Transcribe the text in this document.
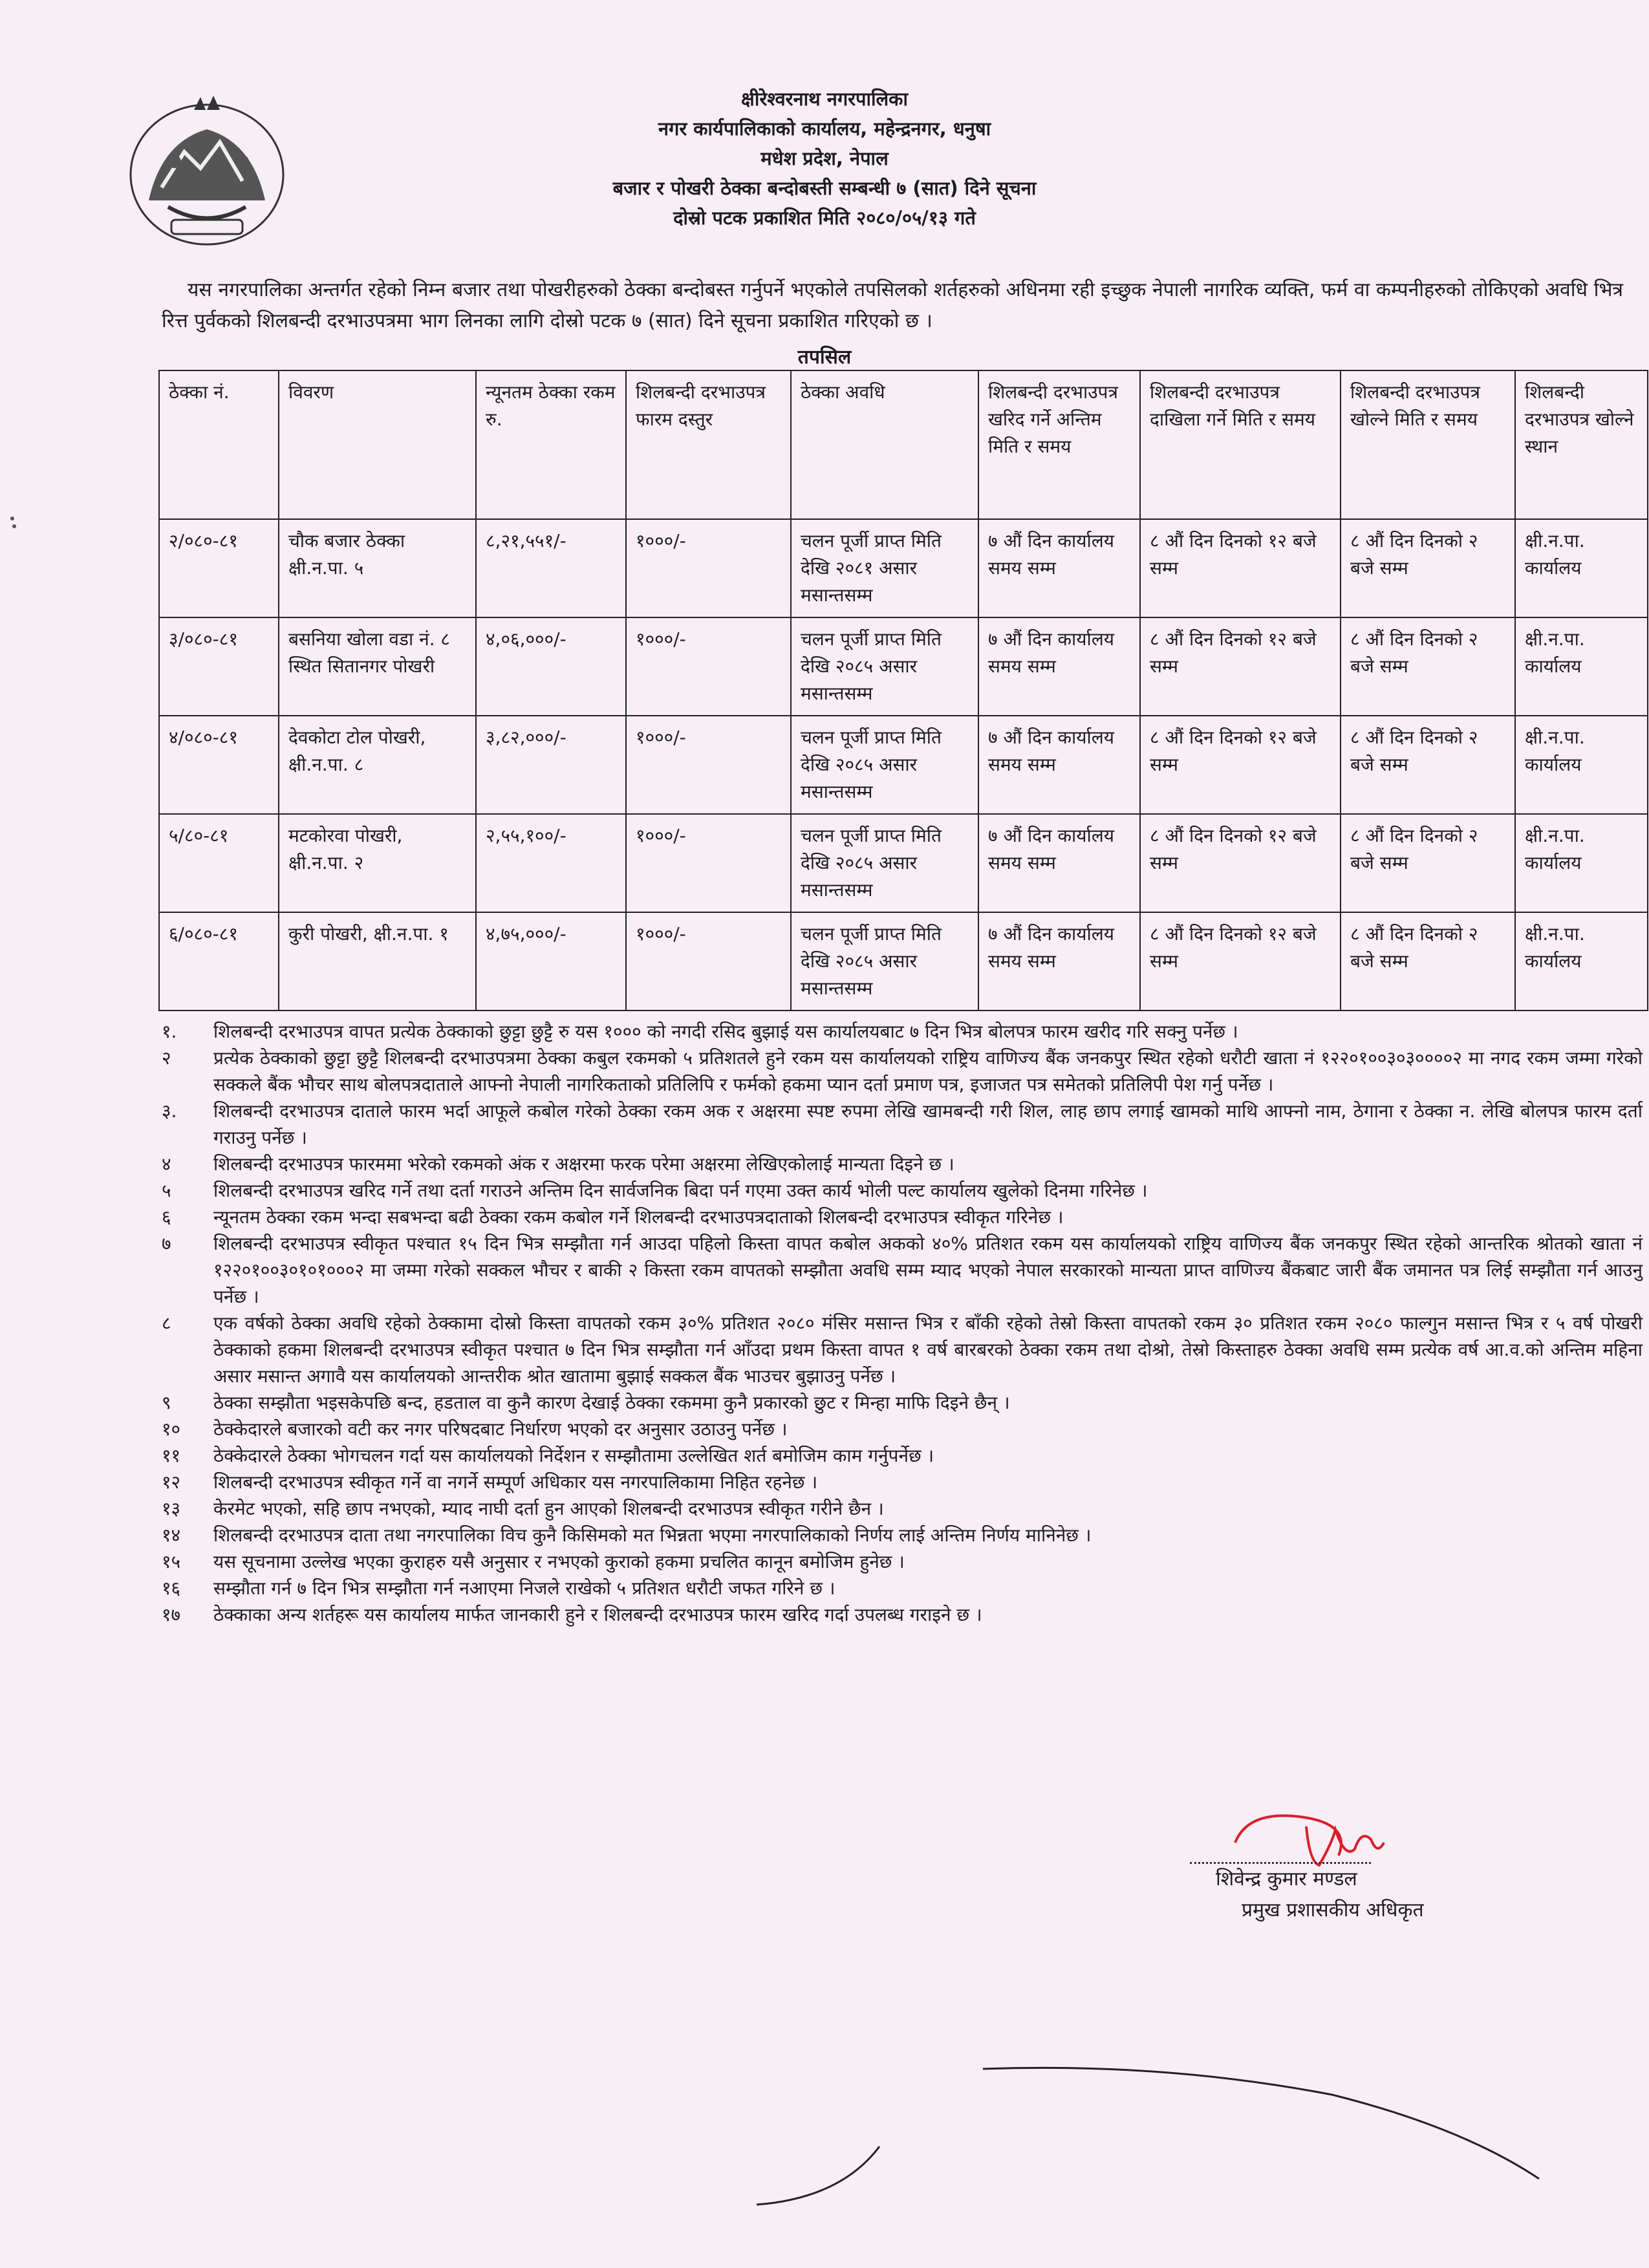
क्षीरेश्वरनाथ नगरपालिका
नगर कार्यपालिकाको कार्यालय, महेन्द्रनगर, धनुषा
मधेश प्रदेश, नेपाल
बजार र पोखरी ठेक्का बन्दोबस्ती सम्बन्धी ७ (सात) दिने सूचना
दोस्रो पटक प्रकाशित मिति २०८०/०५/१३ गते

यस नगरपालिका अन्तर्गत रहेको निम्न बजार तथा पोखरीहरुको ठेक्का बन्दोबस्त गर्नुपर्ने भएकोले तपसिलको शर्तहरुको अधिनमा रही इच्छुक नेपाली नागरिक व्यक्ति, फर्म वा कम्पनीहरुको तोकिएको अवधि भित्र रित्त पुर्वकको शिलबन्दी दरभाउपत्रमा भाग लिनका लागि दोस्रो पटक ७ (सात) दिने सूचना प्रकाशित गरिएको छ ।

तपसिल
ठेक्का नं.	विवरण	न्यूनतम ठेक्का रकम रु.	शिलबन्दी दरभाउपत्र फारम दस्तुर	ठेक्का अवधि	शिलबन्दी दरभाउपत्र खरिद गर्ने अन्तिम मिति र समय	शिलबन्दी दरभाउपत्र दाखिला गर्ने मिति र समय	शिलबन्दी दरभाउपत्र खोल्ने मिति र समय	शिलबन्दी दरभाउपत्र खोल्ने स्थान
२/०८०-८१	चौक बजार ठेक्का क्षी.न.पा. ५	८,२१,५५१/-	१०००/-	चलन पूर्जी प्राप्त मिति देखि २०८१ असार मसान्तसम्म	७ औं दिन कार्यालय समय सम्म	८ औं दिन दिनको १२ बजे सम्म	८ औं दिन दिनको २ बजे सम्म	क्षी.न.पा. कार्यालय
३/०८०-८१	बसनिया खोला वडा नं. ८ स्थित सितानगर पोखरी	४,०६,०००/-	१०००/-	चलन पूर्जी प्राप्त मिति देखि २०८५ असार मसान्तसम्म	७ औं दिन कार्यालय समय सम्म	८ औं दिन दिनको १२ बजे सम्म	८ औं दिन दिनको २ बजे सम्म	क्षी.न.पा. कार्यालय
४/०८०-८१	देवकोटा टोल पोखरी, क्षी.न.पा. ८	३,८२,०००/-	१०००/-	चलन पूर्जी प्राप्त मिति देखि २०८५ असार मसान्तसम्म	७ औं दिन कार्यालय समय सम्म	८ औं दिन दिनको १२ बजे सम्म	८ औं दिन दिनको २ बजे सम्म	क्षी.न.पा. कार्यालय
५/८०-८१	मटकोरवा पोखरी, क्षी.न.पा. २	२,५५,१००/-	१०००/-	चलन पूर्जी प्राप्त मिति देखि २०८५ असार मसान्तसम्म	७ औं दिन कार्यालय समय सम्म	८ औं दिन दिनको १२ बजे सम्म	८ औं दिन दिनको २ बजे सम्म	क्षी.न.पा. कार्यालय
६/०८०-८१	कुरी पोखरी, क्षी.न.पा. १	४,७५,०००/-	१०००/-	चलन पूर्जी प्राप्त मिति देखि २०८५ असार मसान्तसम्म	७ औं दिन कार्यालय समय सम्म	८ औं दिन दिनको १२ बजे सम्म	८ औं दिन दिनको २ बजे सम्म	क्षी.न.पा. कार्यालय
१.	शिलबन्दी दरभाउपत्र वापत प्रत्येक ठेक्काको छुट्टा छुट्टै रु यस १००० को नगदी रसिद बुझाई यस कार्यालयबाट ७ दिन भित्र बोलपत्र फारम खरीद गरि सक्नु पर्नेछ ।
२	प्रत्येक ठेक्काको छुट्टा छुट्टै शिलबन्दी दरभाउपत्रमा ठेक्का कबुल रकमको ५ प्रतिशतले हुने रकम यस कार्यालयको राष्ट्रिय वाणिज्य बैंक जनकपुर स्थित रहेको धरौटी खाता नं १२२०१००३०३००००२ मा नगद रकम जम्मा गरेको सक्कले बैंक भौचर साथ बोलपत्रदाताले आफ्नो नेपाली नागरिकताको प्रतिलिपि र फर्मको हकमा प्यान दर्ता प्रमाण पत्र, इजाजत पत्र समेतको प्रतिलिपी पेश गर्नु पर्नेछ ।
३.	शिलबन्दी दरभाउपत्र दाताले फारम भर्दा आफूले कबोल गरेको ठेक्का रकम अक र अक्षरमा स्पष्ट रुपमा लेखि खामबन्दी गरी शिल, लाह छाप लगाई खामको माथि आफ्नो नाम, ठेगाना र ठेक्का न. लेखि बोलपत्र फारम दर्ता गराउनु पर्नेछ ।
४	शिलबन्दी दरभाउपत्र फारममा भरेको रकमको अंक र अक्षरमा फरक परेमा अक्षरमा लेखिएकोलाई मान्यता दिइने छ ।
५	शिलबन्दी दरभाउपत्र खरिद गर्ने तथा दर्ता गराउने अन्तिम दिन सार्वजनिक बिदा पर्न गएमा उक्त कार्य भोली पल्ट कार्यालय खुलेको दिनमा गरिनेछ ।
६	न्यूनतम ठेक्का रकम भन्दा सबभन्दा बढी ठेक्का रकम कबोल गर्ने शिलबन्दी दरभाउपत्रदाताको शिलबन्दी दरभाउपत्र स्वीकृत गरिनेछ ।
७	शिलबन्दी दरभाउपत्र स्वीकृत पश्चात १५ दिन भित्र सम्झौता गर्न आउदा पहिलो किस्ता वापत कबोल अकको ४०% प्रतिशत रकम यस कार्यालयको राष्ट्रिय वाणिज्य बैंक जनकपुर स्थित रहेको आन्तरिक श्रोतको खाता नं १२२०१००३०१०१०००२ मा जम्मा गरेको सक्कल भौचर र बाकी २ किस्ता रकम वापतको सम्झौता अवधि सम्म म्याद भएको नेपाल सरकारको मान्यता प्राप्त वाणिज्य बैंकबाट जारी बैंक जमानत पत्र लिई सम्झौता गर्न आउनु पर्नेछ ।
८	एक वर्षको ठेक्का अवधि रहेको ठेक्कामा दोस्रो किस्ता वापतको रकम ३०% प्रतिशत २०८० मंसिर मसान्त भित्र र बाँकी रहेको तेस्रो किस्ता वापतको रकम ३० प्रतिशत रकम २०८० फाल्गुन मसान्त भित्र र ५ वर्ष पोखरी ठेक्काको हकमा शिलबन्दी दरभाउपत्र स्वीकृत पश्चात ७ दिन भित्र सम्झौता गर्न आँउदा प्रथम किस्ता वापत १ वर्ष बारबरको ठेक्का रकम तथा दोश्रो, तेस्रो किस्ताहरु ठेक्का अवधि सम्म प्रत्येक वर्ष आ.व.को अन्तिम महिना असार मसान्त अगावै यस कार्यालयको आन्तरीक श्रोत खातामा बुझाई सक्कल बैंक भाउचर बुझाउनु पर्नेछ ।
९	ठेक्का सम्झौता भइसकेपछि बन्द, हडताल वा कुनै कारण देखाई ठेक्का रकममा कुनै प्रकारको छुट र मिन्हा माफि दिइने छैन् ।
१०	ठेक्केदारले बजारको वटी कर नगर परिषदबाट निर्धारण भएको दर अनुसार उठाउनु पर्नेछ ।
११	ठेक्केदारले ठेक्का भोगचलन गर्दा यस कार्यालयको निर्देशन र सम्झौतामा उल्लेखित शर्त बमोजिम काम गर्नुपर्नेछ ।
१२	शिलबन्दी दरभाउपत्र स्वीकृत गर्ने वा नगर्ने सम्पूर्ण अधिकार यस नगरपालिकामा निहित रहनेछ ।
१३	केरमेट भएको, सहि छाप नभएको, म्याद नाघी दर्ता हुन आएको शिलबन्दी दरभाउपत्र स्वीकृत गरीने छैन ।
१४	शिलबन्दी दरभाउपत्र दाता तथा नगरपालिका विच कुनै किसिमको मत भिन्नता भएमा नगरपालिकाको निर्णय लाई अन्तिम निर्णय मानिनेछ ।
१५	यस सूचनामा उल्लेख भएका कुराहरु यसै अनुसार र नभएको कुराको हकमा प्रचलित कानून बमोजिम हुनेछ ।
१६	सम्झौता गर्न ७ दिन भित्र सम्झौता गर्न नआएमा निजले राखेको ५ प्रतिशत धरौटी जफत गरिने छ ।
१७	ठेक्काका अन्य शर्तहरू यस कार्यालय मार्फत जानकारी हुने र शिलबन्दी दरभाउपत्र फारम खरिद गर्दा उपलब्ध गराइने छ ।
शिवेन्द्र कुमार मण्डल
प्रमुख प्रशासकीय अधिकृत
